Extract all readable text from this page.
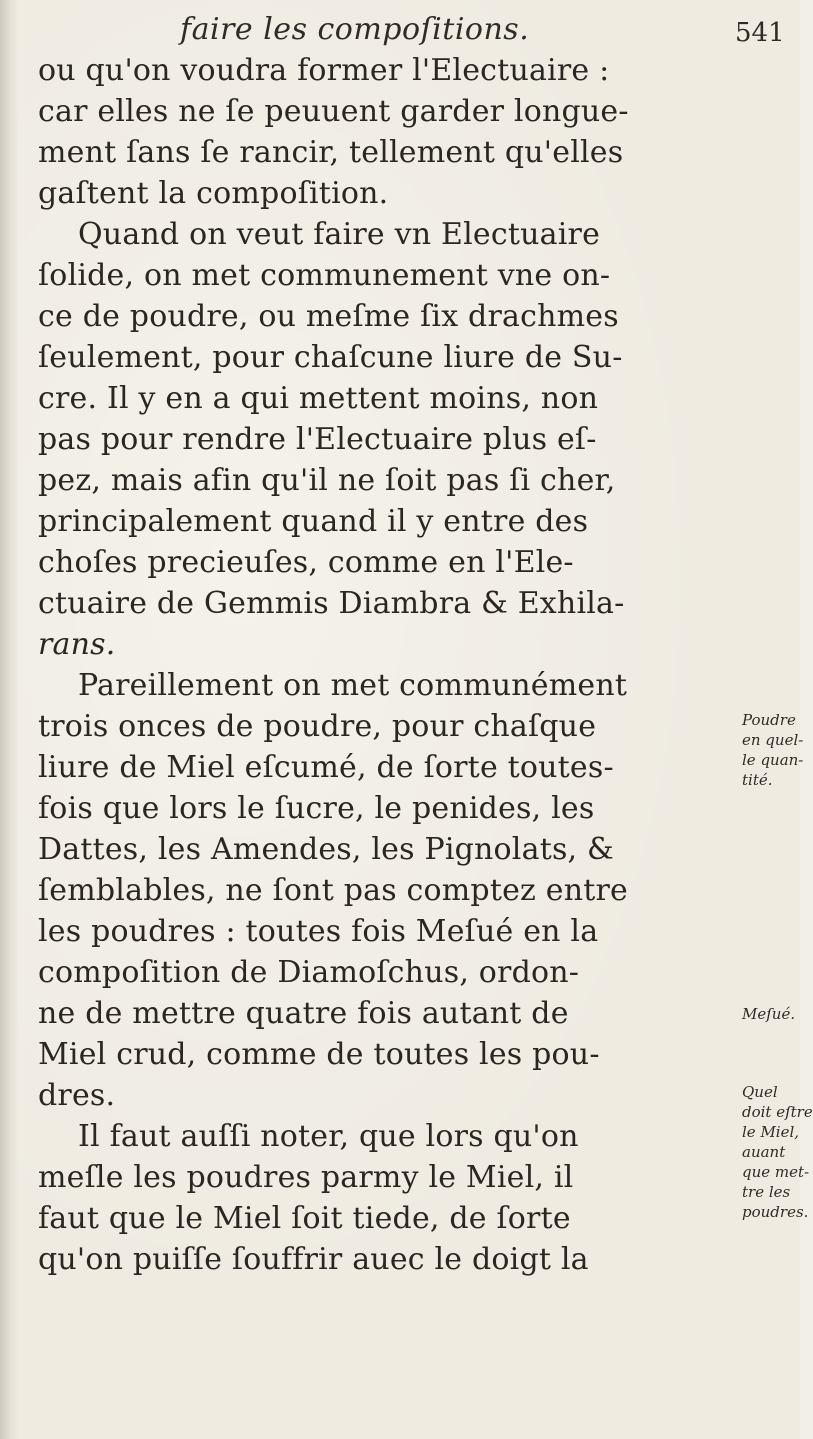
faire les compoſitions.	541
ou qu'on voudra former l'Electuaire :
car elles ne ſe peuuent garder longue-
ment ſans ſe rancir, tellement qu'elles
gaſtent la compoſition.
Quand on veut faire vn Electuaire
ſolide, on met communement vne on-
ce de poudre, ou meſme ſix drachmes
ſeulement, pour chaſcune liure de Su-
cre. Il y en a qui mettent moins, non
pas pour rendre l'Electuaire plus eſ-
pez, mais afin qu'il ne ſoit pas ſi cher,
principalement quand il y entre des
choſes precieuſes, comme en l'Ele-
ctuaire de Gemmis Diambra & Exhila-
rans.
Pareillement on met communément
trois onces de poudre, pour chaſque
liure de Miel eſcumé, de ſorte toutes-
fois que lors le ſucre, le penides, les
Dattes, les Amendes, les Pignolats, &
ſemblables, ne ſont pas comptez entre
les poudres : toutes fois Meſué en la
compoſition de Diamoſchus, ordon-
ne de mettre quatre fois autant de
Miel crud, comme de toutes les pou-
dres.
Il faut auſſi noter, que lors qu'on
meſle les poudres parmy le Miel, il
faut que le Miel ſoit tiede, de ſorte
qu'on puiſſe ſouffrir auec le doigt la
Poudre
en quel-
le quan-
tité.
Meſué.
Quel
doit eſtre
le Miel,
auant
que met-
tre les
poudres.
